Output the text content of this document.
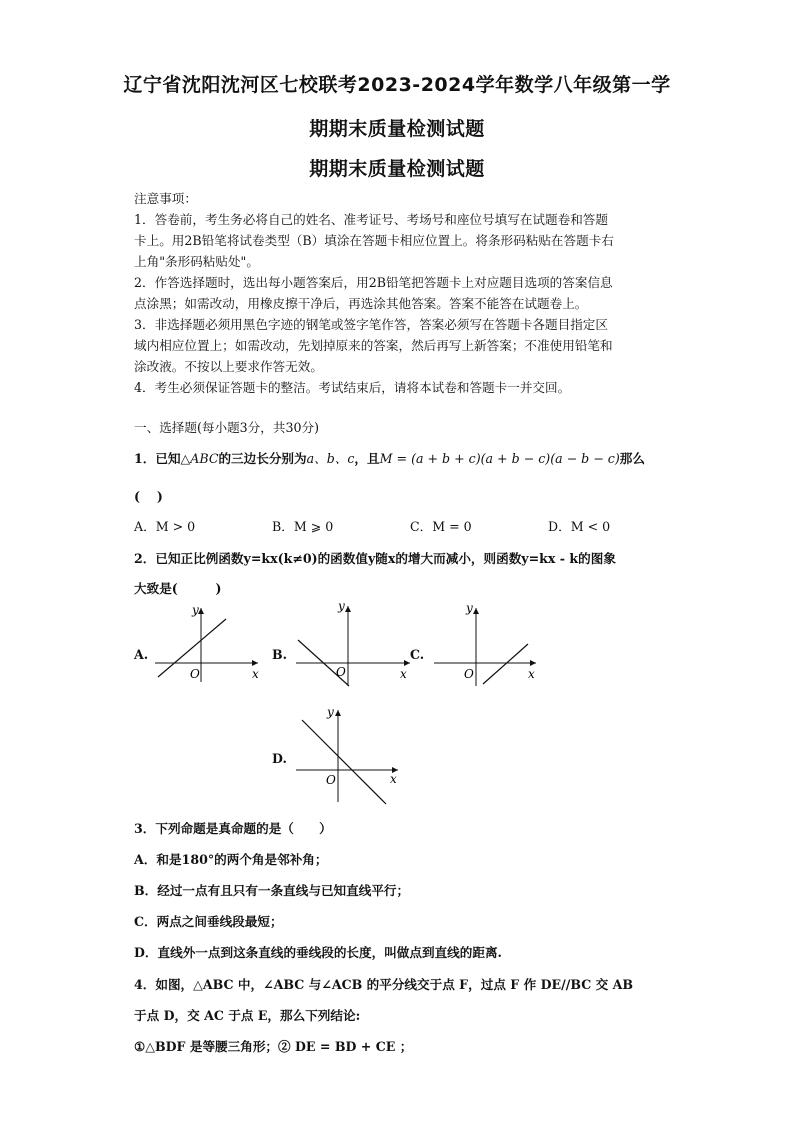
辽宁省沈阳沈河区七校联考2023-2024学年数学八年级第一学
期期末质量检测试题
期期末质量检测试题
注意事项：
1．答卷前，考生务必将自己的姓名、准考证号、考场号和座位号填写在试题卷和答题
卡上。用2B铅笔将试卷类型（B）填涂在答题卡相应位置上。将条形码粘贴在答题卡右
上角"条形码粘贴处"。
2．作答选择题时，选出每小题答案后，用2B铅笔把答题卡上对应题目选项的答案信息
点涂黑；如需改动，用橡皮擦干净后，再选涂其他答案。答案不能答在试题卷上。
3．非选择题必须用黑色字迹的钢笔或签字笔作答，答案必须写在答题卡各题目指定区
域内相应位置上；如需改动，先划掉原来的答案，然后再写上新答案；不准使用铅笔和
涂改液。不按以上要求作答无效。
4．考生必须保证答题卡的整洁。考试结束后，请将本试卷和答题卡一并交回。
一、选择题(每小题3分，共30分)
1．已知△ABC的三边长分别为a、b、c，且M = (a + b + c)(a + b − c)(a − b − c)那么
(　 )
A．M > 0	B．M ⩾ 0	C．M = 0	D．M < 0
2．已知正比例函数y=kx(k≠0)的函数值y随x的增大而减小，则函数y=kx - k的图象
大致是(　　　)
A.
y
x
O
B.
y
x
O
C.
y
x
O
D.
y
x
O
3．下列命题是真命题的是（　　）
A．和是180°的两个角是邻补角；
B．经过一点有且只有一条直线与已知直线平行；
C．两点之间垂线段最短；
D．直线外一点到这条直线的垂线段的长度，叫做点到直线的距离.
4．如图，△ABC 中，∠ABC 与∠ACB 的平分线交于点 F，过点 F 作 DE//BC 交 AB
于点 D，交 AC 于点 E，那么下列结论:
①△BDF 是等腰三角形；② DE = BD + CE ；
